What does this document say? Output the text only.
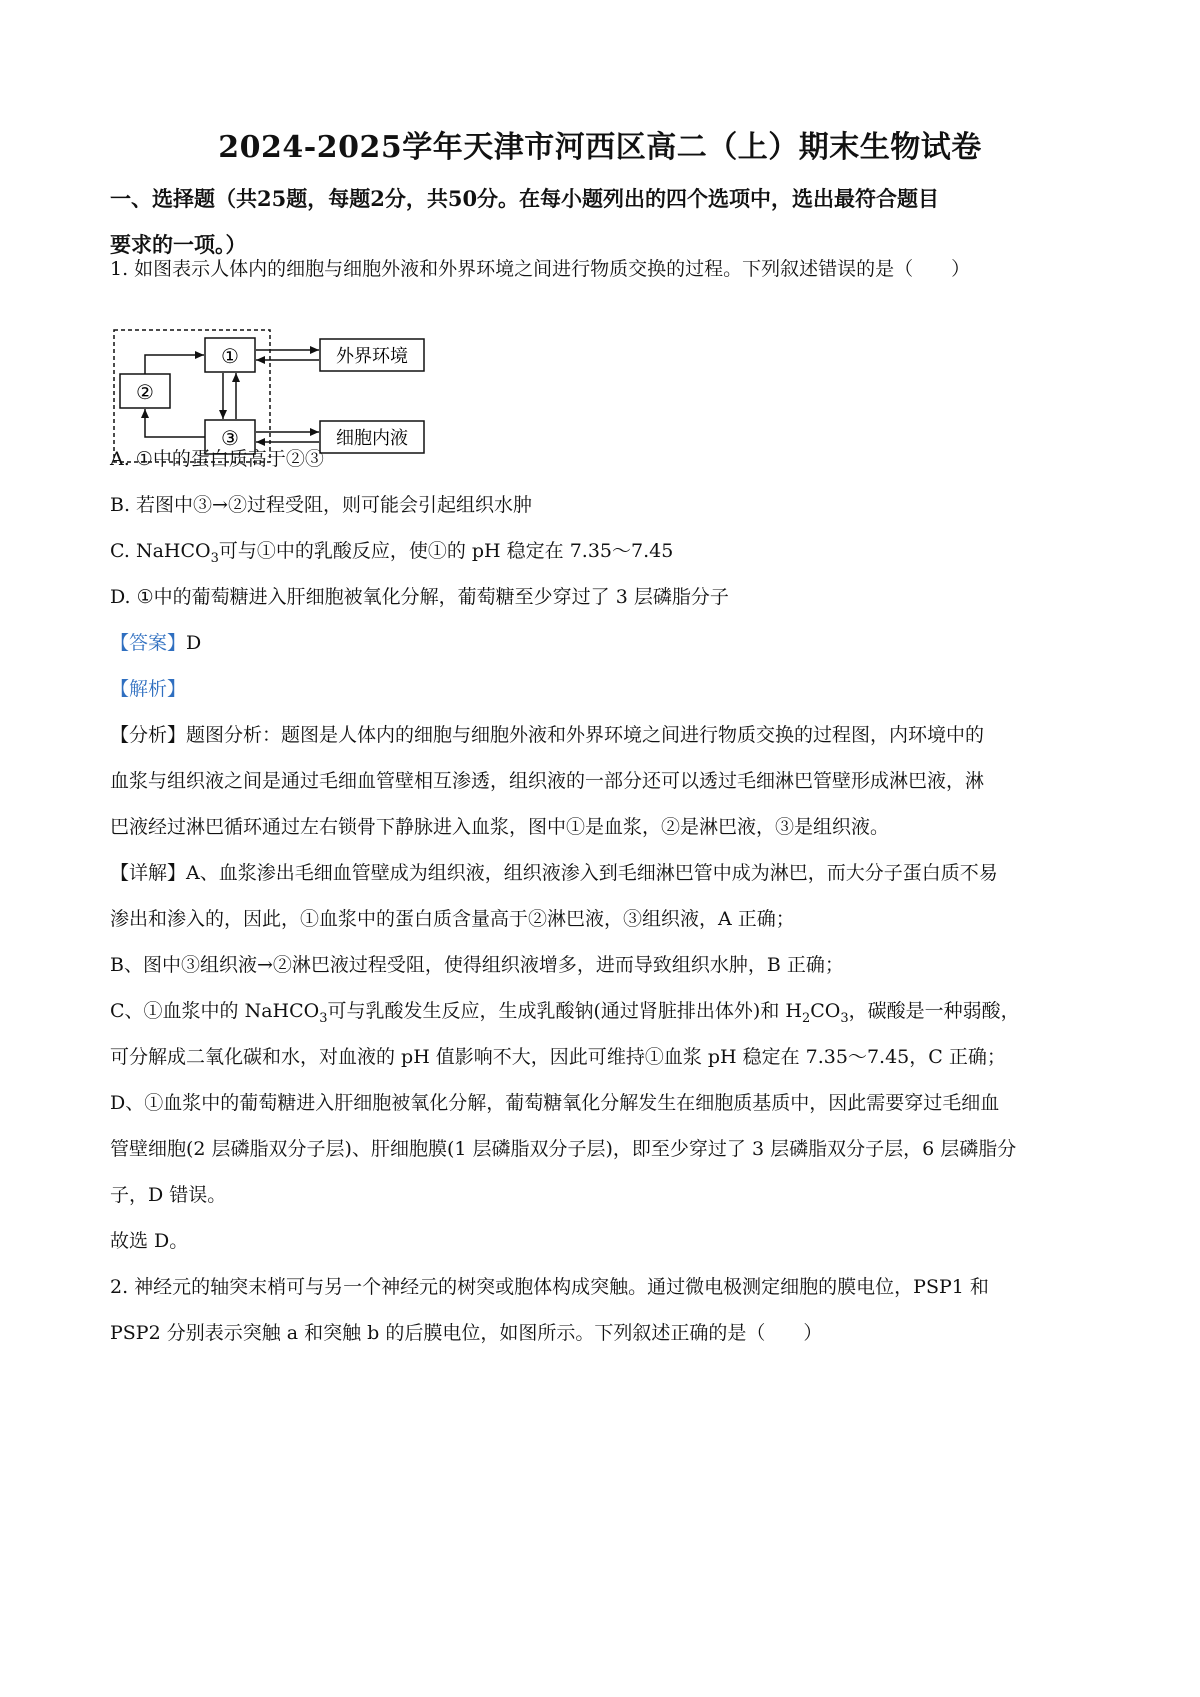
2024-2025学年天津市河西区高二（上）期末生物试卷
一、选择题（共25题，每题2分，共50分。在每小题列出的四个选项中，选出最符合题目
要求的一项。）
1. 如图表示人体内的细胞与细胞外液和外界环境之间进行物质交换的过程。下列叙述错误的是（　　）
①
②
③
外界环境
细胞内液
A. ①中的蛋白质高于②③
B. 若图中③→②过程受阻，则可能会引起组织水肿
C. NaHCO$_3$可与①中的乳酸反应，使①的 pH 稳定在 7.35～7.45
D. ①中的葡萄糖进入肝细胞被氧化分解，葡萄糖至少穿过了 3 层磷脂分子
【答案】D
【解析】
【分析】题图分析：题图是人体内的细胞与细胞外液和外界环境之间进行物质交换的过程图，内环境中的
血浆与组织液之间是通过毛细血管壁相互渗透，组织液的一部分还可以透过毛细淋巴管壁形成淋巴液，淋
巴液经过淋巴循环通过左右锁骨下静脉进入血浆，图中①是血浆，②是淋巴液，③是组织液。
【详解】A、血浆渗出毛细血管壁成为组织液，组织液渗入到毛细淋巴管中成为淋巴，而大分子蛋白质不易
渗出和渗入的，因此，①血浆中的蛋白质含量高于②淋巴液，③组织液，A 正确；
B、图中③组织液→②淋巴液过程受阻，使得组织液增多，进而导致组织水肿，B 正确；
C、①血浆中的 NaHCO$_3$可与乳酸发生反应，生成乳酸钠(通过肾脏排出体外)和 $H_2CO_3$，碳酸是一种弱酸，
可分解成二氧化碳和水，对血液的 pH 值影响不大，因此可维持①血浆 pH 稳定在 7.35～7.45，C 正确；
D、①血浆中的葡萄糖进入肝细胞被氧化分解，葡萄糖氧化分解发生在细胞质基质中，因此需要穿过毛细血
管壁细胞(2 层磷脂双分子层)、肝细胞膜(1 层磷脂双分子层)，即至少穿过了 3 层磷脂双分子层，6 层磷脂分
子，D 错误。
故选 D。
2. 神经元的轴突末梢可与另一个神经元的树突或胞体构成突触。通过微电极测定细胞的膜电位，PSP1 和
PSP2 分别表示突触 a 和突触 b 的后膜电位，如图所示。下列叙述正确的是（　　）
